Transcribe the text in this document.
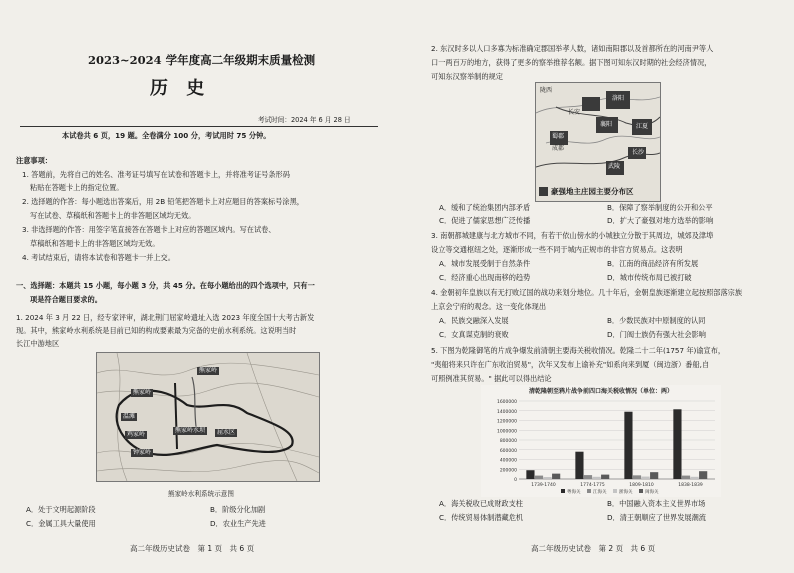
2023~2024 学年度高二年级期末质量检测
历 史
考试时间：2024 年 6 月 28 日
本试卷共 6 页，19 题。全卷满分 100 分，考试用时 75 分钟。
注意事项：
1. 答题前，先将自己的姓名、准考证号填写在试卷和答题卡上，并将准考证号条形码
粘贴在答题卡上的指定位置。
2. 选择题的作答：每小题选出答案后，用 2B 铅笔把答题卡上对应题目的答案标号涂黑，
写在试卷、草稿纸和答题卡上的非答题区域均无效。
3. 非选择题的作答：用签字笔直接答在答题卡上对应的答题区域内。写在试卷、
草稿纸和答题卡上的非答题区域均无效。
4. 考试结束后，请将本试卷和答题卡一并上交。
一、选择题：本题共 15 小题，每小题 3 分，共 45 分。在每小题给出的四个选项中，只有一
项是符合题目要求的。
1. 2024 年 3 月 22 日，经专家评审，湖北荆门屈家岭遗址入选 2023 年度全国十大考古新发
现。其中，熊家岭水利系统是目前已知的构成要素最为完备的史前水利系统。这说明当时
长江中游地区
熊家岭
熊家岭
温滩
鸡家岭
熊家岭水坝	屈水区
钟家岭
熊家岭水利系统示意图
A．处于文明起源阶段	B．阶级分化加剧
C．金属工具大量使用	D．农业生产先进
高二年级历史试卷　第 1 页　共 6 页
2. 东汉时多以人口多寡为标准确定郡国举孝人数，诸如南阳郡以及首都所在的河南尹等人
口一两百万的地方，获得了更多的察举推荐名额。据下图可知东汉时期的社会经济情况，
可知东汉察举制的规定
陇西
长安
洛阳
襄阳	江夏
蜀郡
成都
武陵
长沙
豪强地主庄园主要分布区
A．缓和了统治集团内部矛盾	B．保障了察举制度的公开和公平
C．促进了儒家思想广泛传播	D．扩大了豪强对地方选举的影响
3. 南朝都城建康与北方城市不同，有若干依山傍水的小城独立分散于其周边，城郊及津埠
设立等交通枢纽之处，逐渐形成一些不同于城内正规市的非官方贸易点。这表明
A．城市发展受制于自然条件	B．江南的商品经济有所发展
C．经济重心出现南移的趋势	D．城市传统布局已被打破
4. 金朝初年皇族以有无打败辽国的战功来划分地位。几十年后，金朝皇族逐渐建立起按照部落宗族
上京会宁府的观念。这一变化体现出
A．民族交融深入发展	B．少数民族对中原制度的认同
C．女真谋克制的衰败	D．门阀士族仍有强大社会影响
5. 下图为乾隆御笔的片成争爆发前清朝主要海关税收情况。乾隆二十二年(1757 年)谕宣布，
"夷船将来只许在广东收泊贸易"，次年又发布上谕补充"如系向来到厦（闽边浙）番船,自
可照例准其贸易。" 据此可以得出结论
清乾隆朝至鸦片战争前四口海关税收情况（单位：两）
0
200000
400000
600000
800000
1000000
1200000
1400000
1600000
1739-1740	1774-1775	1809-1810	1838-1839
粤海关	江海关	浙海关	闽海关
A．海关税收已成财政支柱	B．中国融入资本主义世界市场
C．传统贸易体制潜藏危机	D．清王朝顺应了世界发展潮流
高二年级历史试卷　第 2 页　共 6 页
